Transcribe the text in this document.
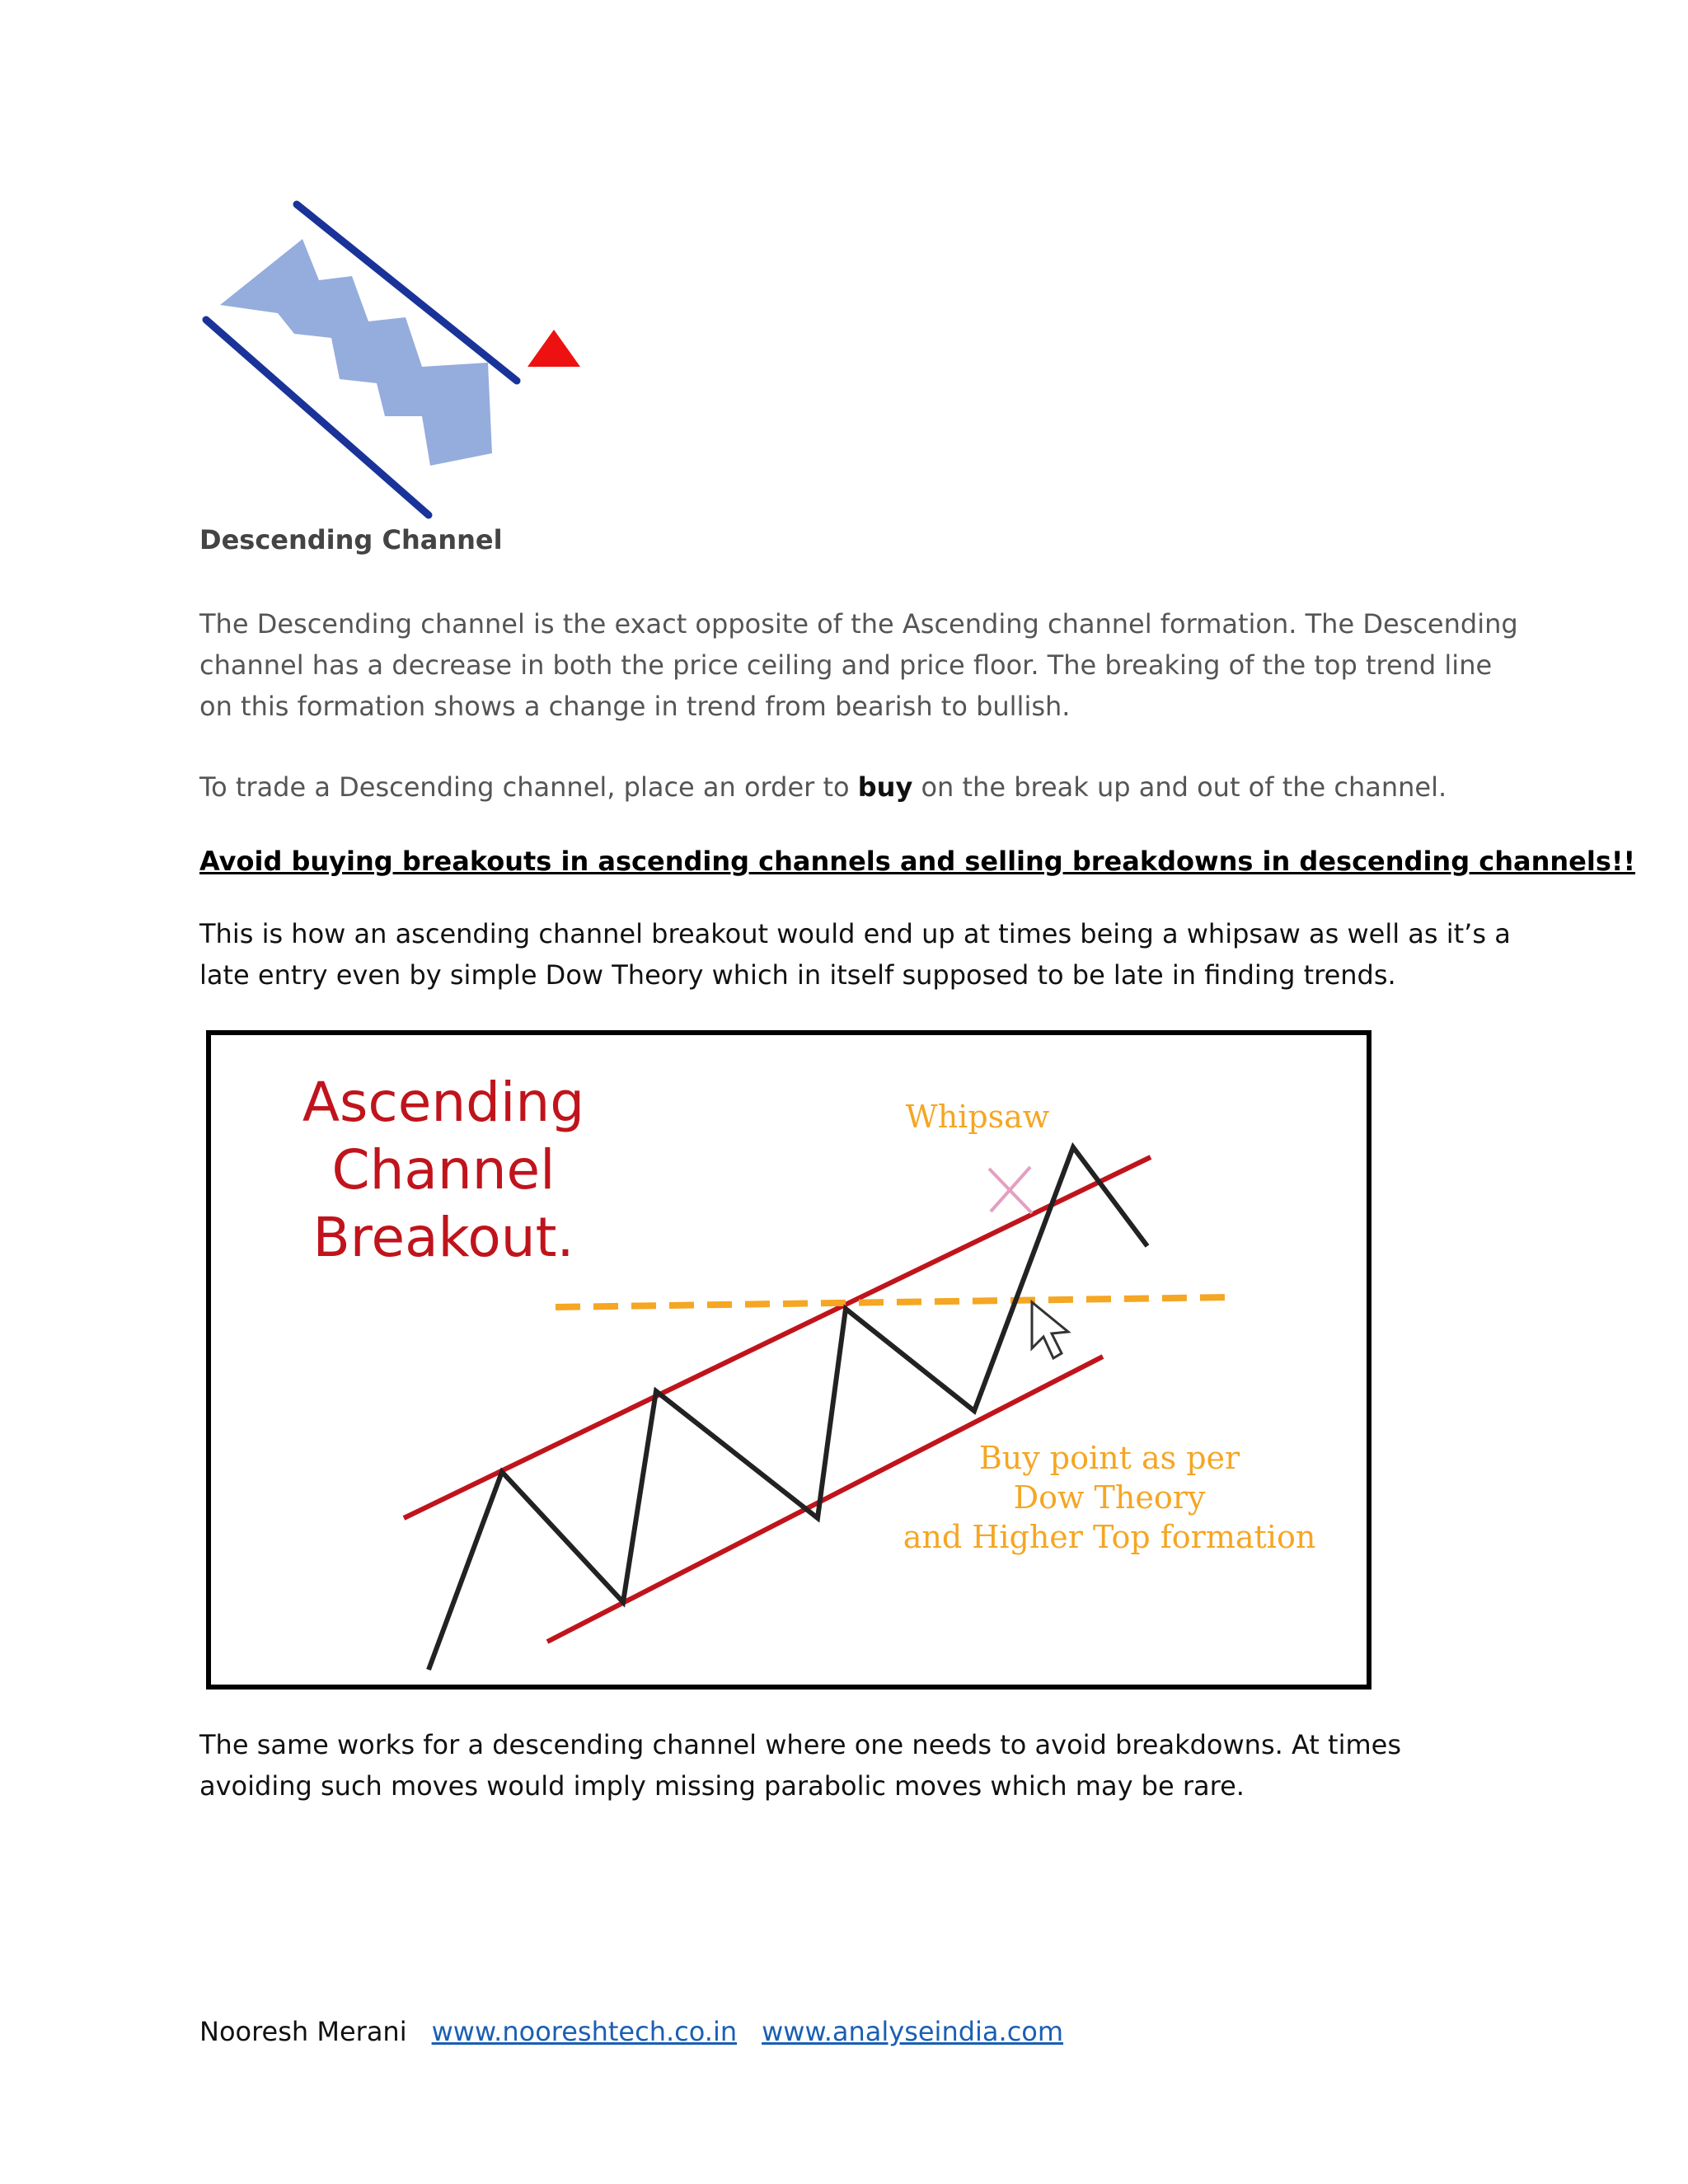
Descending Channel

The Descending channel is the exact opposite of the Ascending channel formation. The Descending channel has a decrease in both the price ceiling and price floor. The breaking of the top trend line on this formation shows a change in trend from bearish to bullish.

To trade a Descending channel, place an order to buy on the break up and out of the channel.

Avoid buying breakouts in ascending channels and selling breakdowns in descending channels!!

This is how an ascending channel breakout would end up at times being a whipsaw as well as it’s a late entry even by simple Dow Theory which in itself supposed to be late in finding trends.

Ascending
Channel
Breakout.
Whipsaw
Buy point as per
Dow Theory
and Higher Top formation

The same works for a descending channel where one needs to avoid breakdowns. At times avoiding such moves would imply missing parabolic moves which may be rare.

Nooresh Merani www.nooreshtech.co.in www.analyseindia.com
